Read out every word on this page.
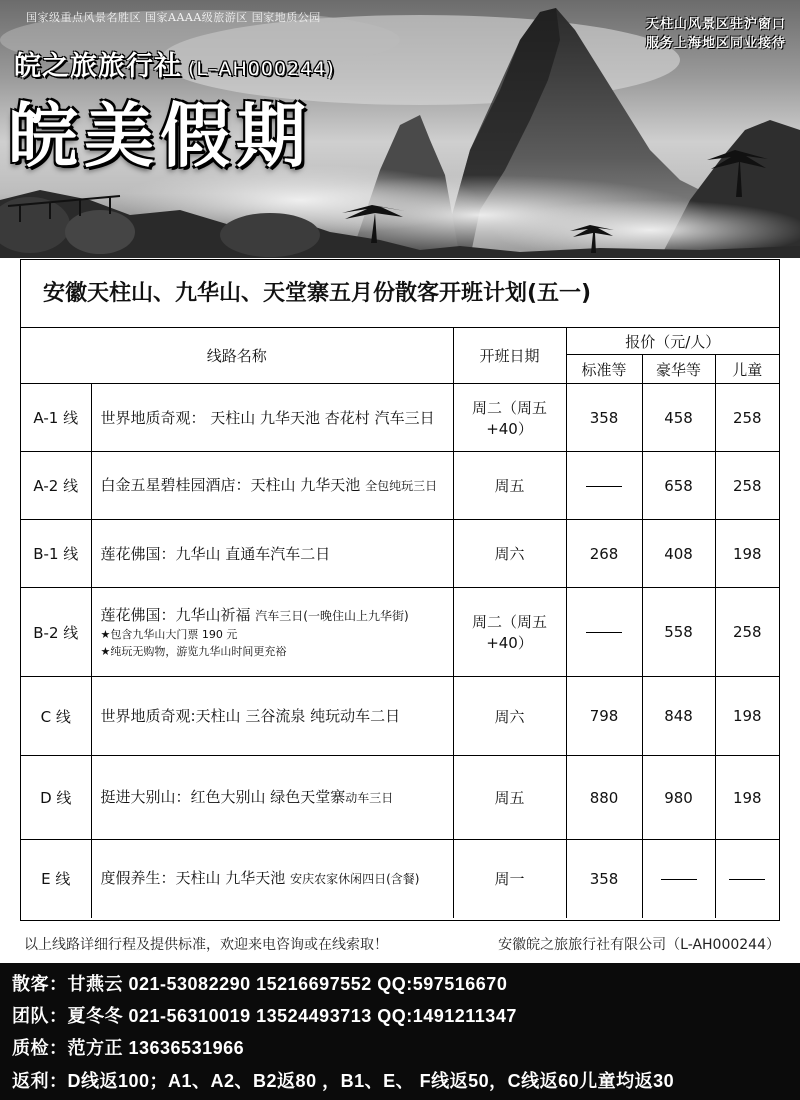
国家级重点风景名胜区 国家AAAA级旅游区 国家地质公园
皖之旅旅行社 (L–AH000244)
皖美假期
天柱山风景区驻沪窗口
服务上海地区同业接待
安徽天柱山、九华山、天堂寨五月份散客开班计划(五一)
线路名称		开班日期	报价（元/人）		
			标准等	豪华等	儿童
A-1 线	世界地质奇观： 天柱山 九华天池 杏花村 汽车三日	周二（周五+40）	358	458	258
A-2 线	白金五星碧桂园酒店：天柱山 九华天池 全包纯玩三日	周五		658	258
B-1 线	莲花佛国：九华山 直通车汽车二日	周六	268	408	198
B-2 线	莲花佛国：九华山祈福 汽车三日(一晚住山上九华街)
★包含九华山大门票 190 元
★纯玩无购物，游览九华山时间更充裕	周二（周五+40）		558	258
C 线	世界地质奇观:天柱山 三谷流泉 纯玩动车二日	周六	798	848	198
D 线	挺进大别山：红色大别山 绿色天堂寨动车三日	周五	880	980	198
E 线	度假养生：天柱山 九华天池 安庆农家休闲四日(含餐)	周一	358		
以上线路详细行程及提供标准，欢迎来电咨询或在线索取！	安徽皖之旅旅行社有限公司（L-AH000244）
散客：甘燕云 021-53082290 15216697552 QQ:597516670
团队：夏冬冬 021-56310019 13524493713 QQ:1491211347
质检：范方正 13636531966
返利：D线返100；A1、A2、B2返80 ，B1、E、 F线返50，C线返60儿童均返30
